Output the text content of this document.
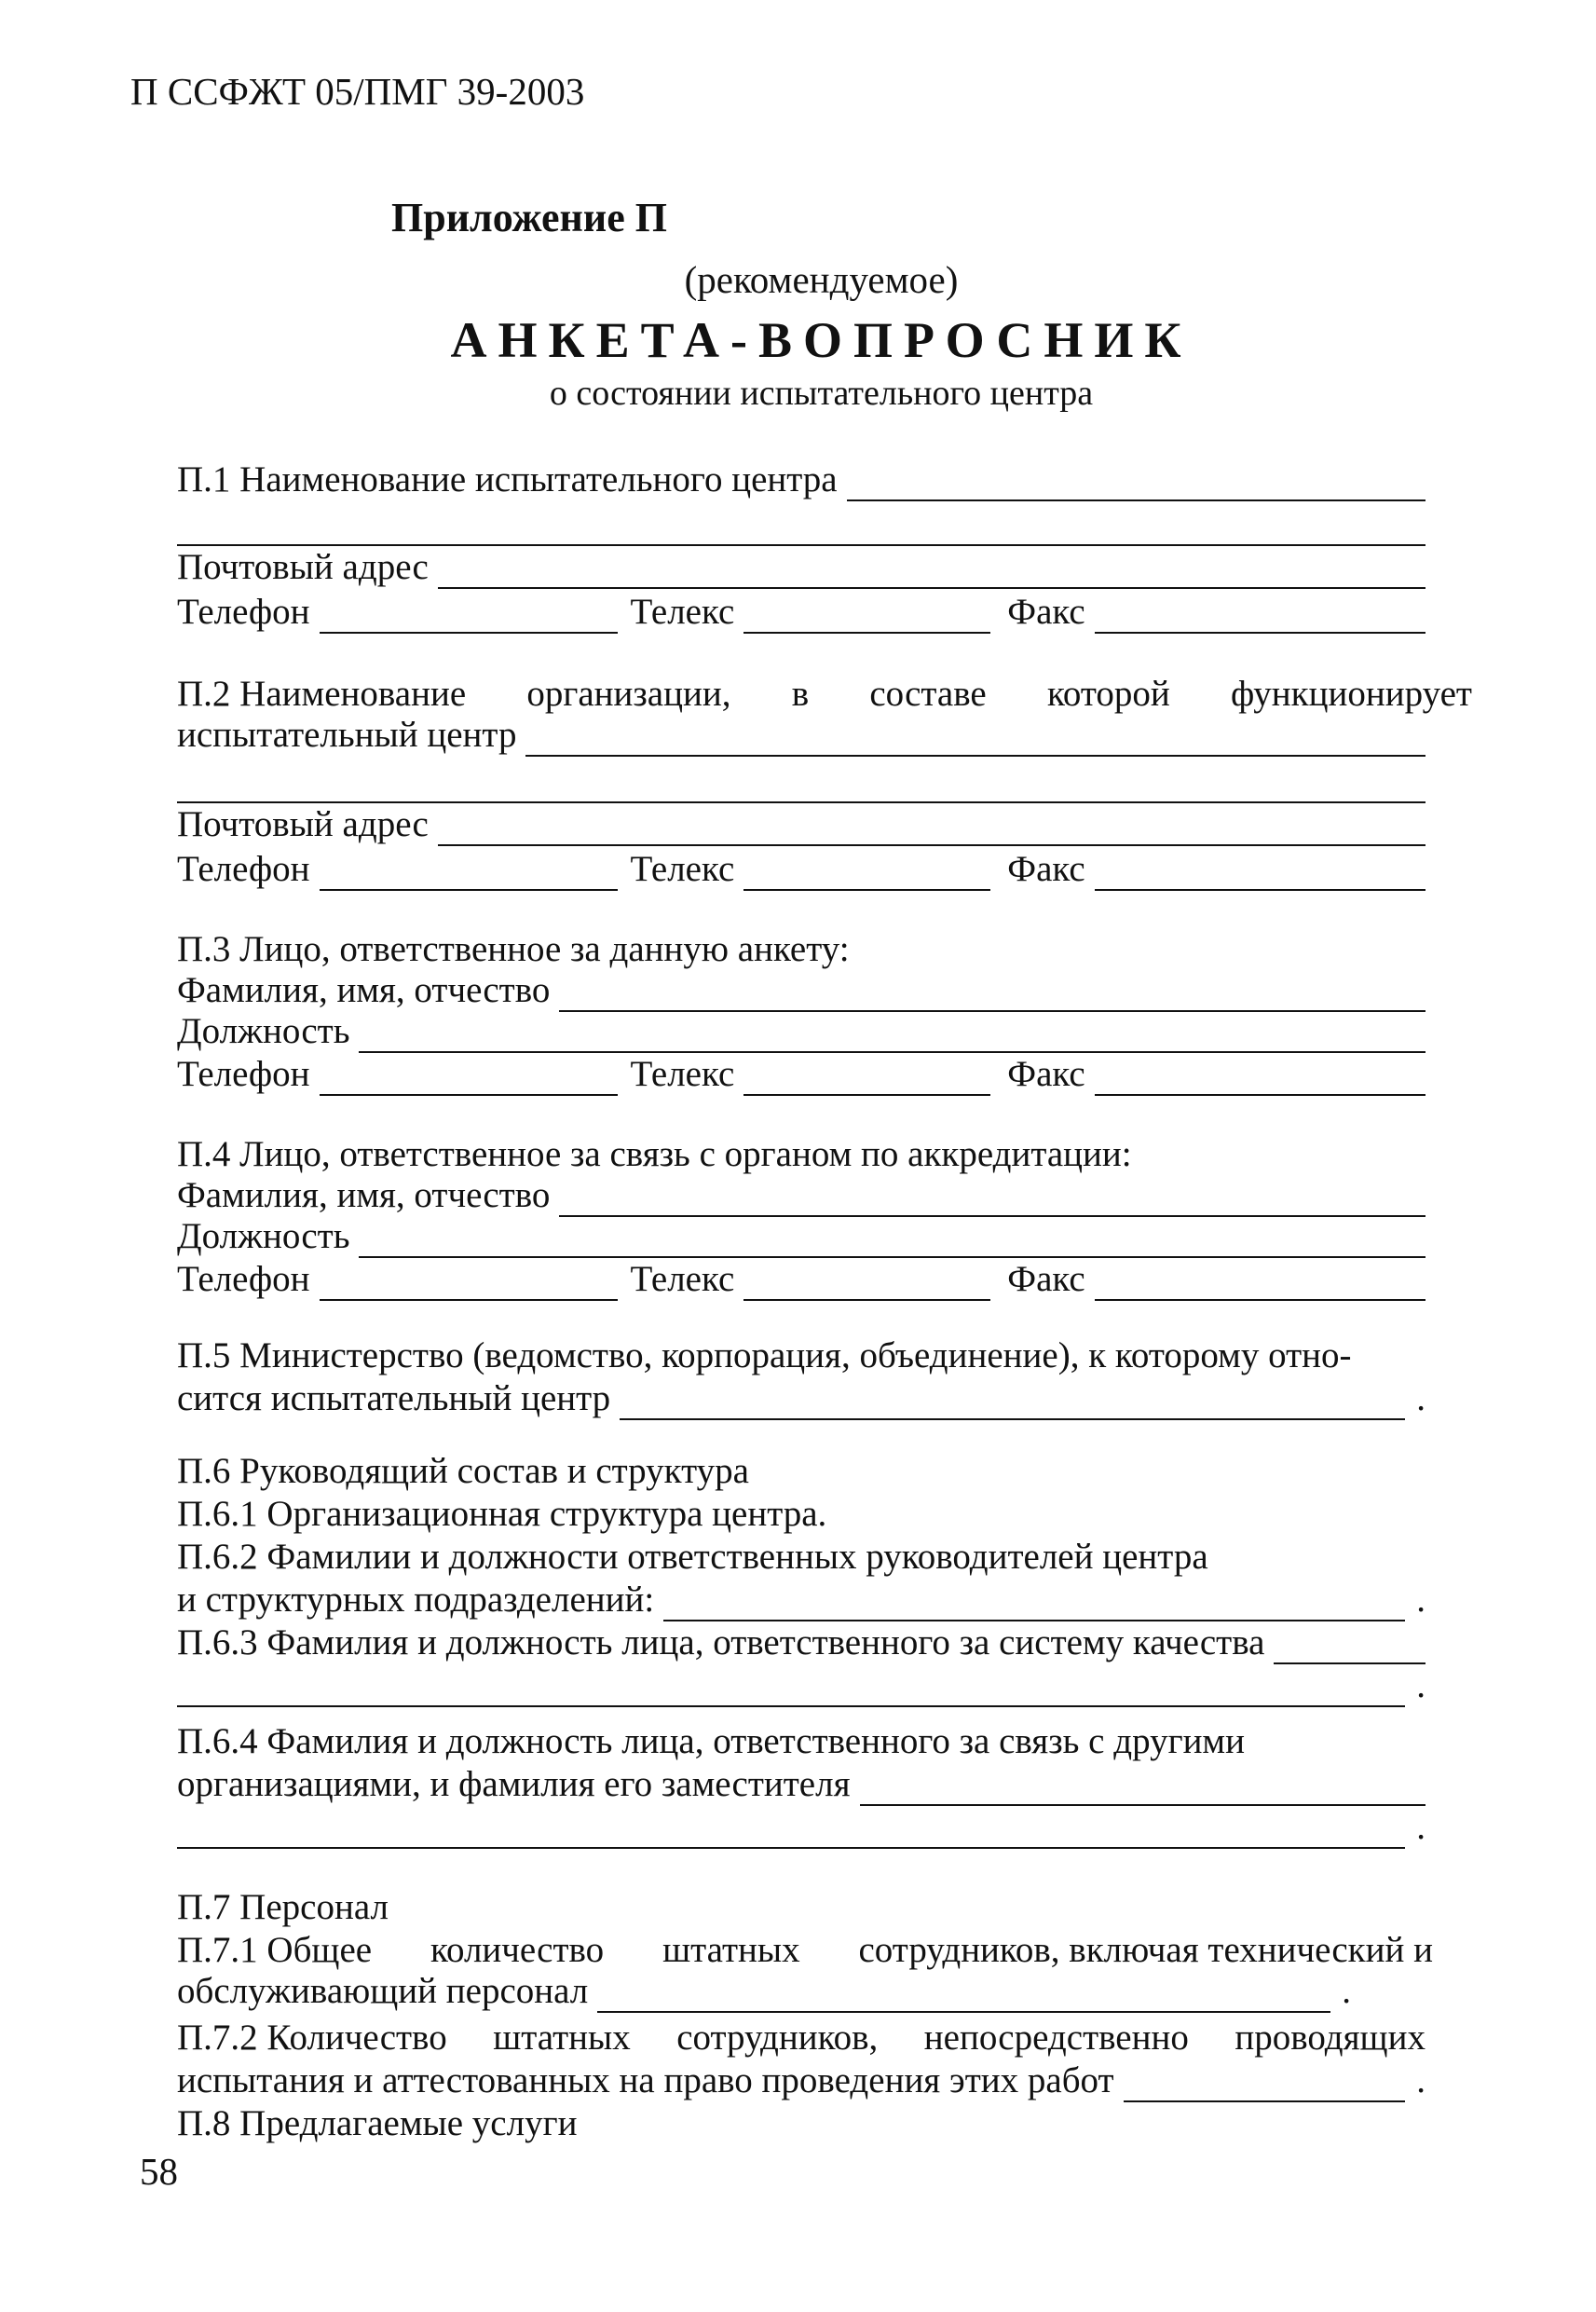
П ССФЖТ 05/ПМГ 39-2003
Приложение П
(рекомендуемое)
АНКЕТА-ВОПРОСНИК
о состоянии испытательного центра
П.1 Наименование испытательного центра
Почтовый адрес
Телефон	Телекс	Факс
П.2 Наименование организации, в составе которой функционирует
испытательный центр
Почтовый адрес
Телефон	Телекс	Факс
П.3 Лицо, ответственное за данную анкету:
Фамилия, имя, отчество
Должность
Телефон	Телекс	Факс
П.4 Лицо, ответственное за связь с органом по аккредитации:
Фамилия, имя, отчество
Должность
Телефон	Телекс	Факс
П.5 Министерство (ведомство, корпорация, объединение), к которому отно-
сится испытательный центр	.
П.6 Руководящий состав и структура
П.6.1 Организационная структура центра.
П.6.2 Фамилии и должности ответственных руководителей центра
и структурных подразделений:	.
П.6.3 Фамилия и должность лица, ответственного за систему качества
.
П.6.4 Фамилия и должность лица, ответственного за связь с другими
организациями, и фамилия его заместителя
.
П.7 Персонал
П.7.1 Общее количество штатных сотрудников, включая технический и
обслуживающий персонал	.
П.7.2 Количество штатных сотрудников, непосредственно проводящих
испытания и аттестованных на право проведения этих работ	.
П.8 Предлагаемые услуги
58
